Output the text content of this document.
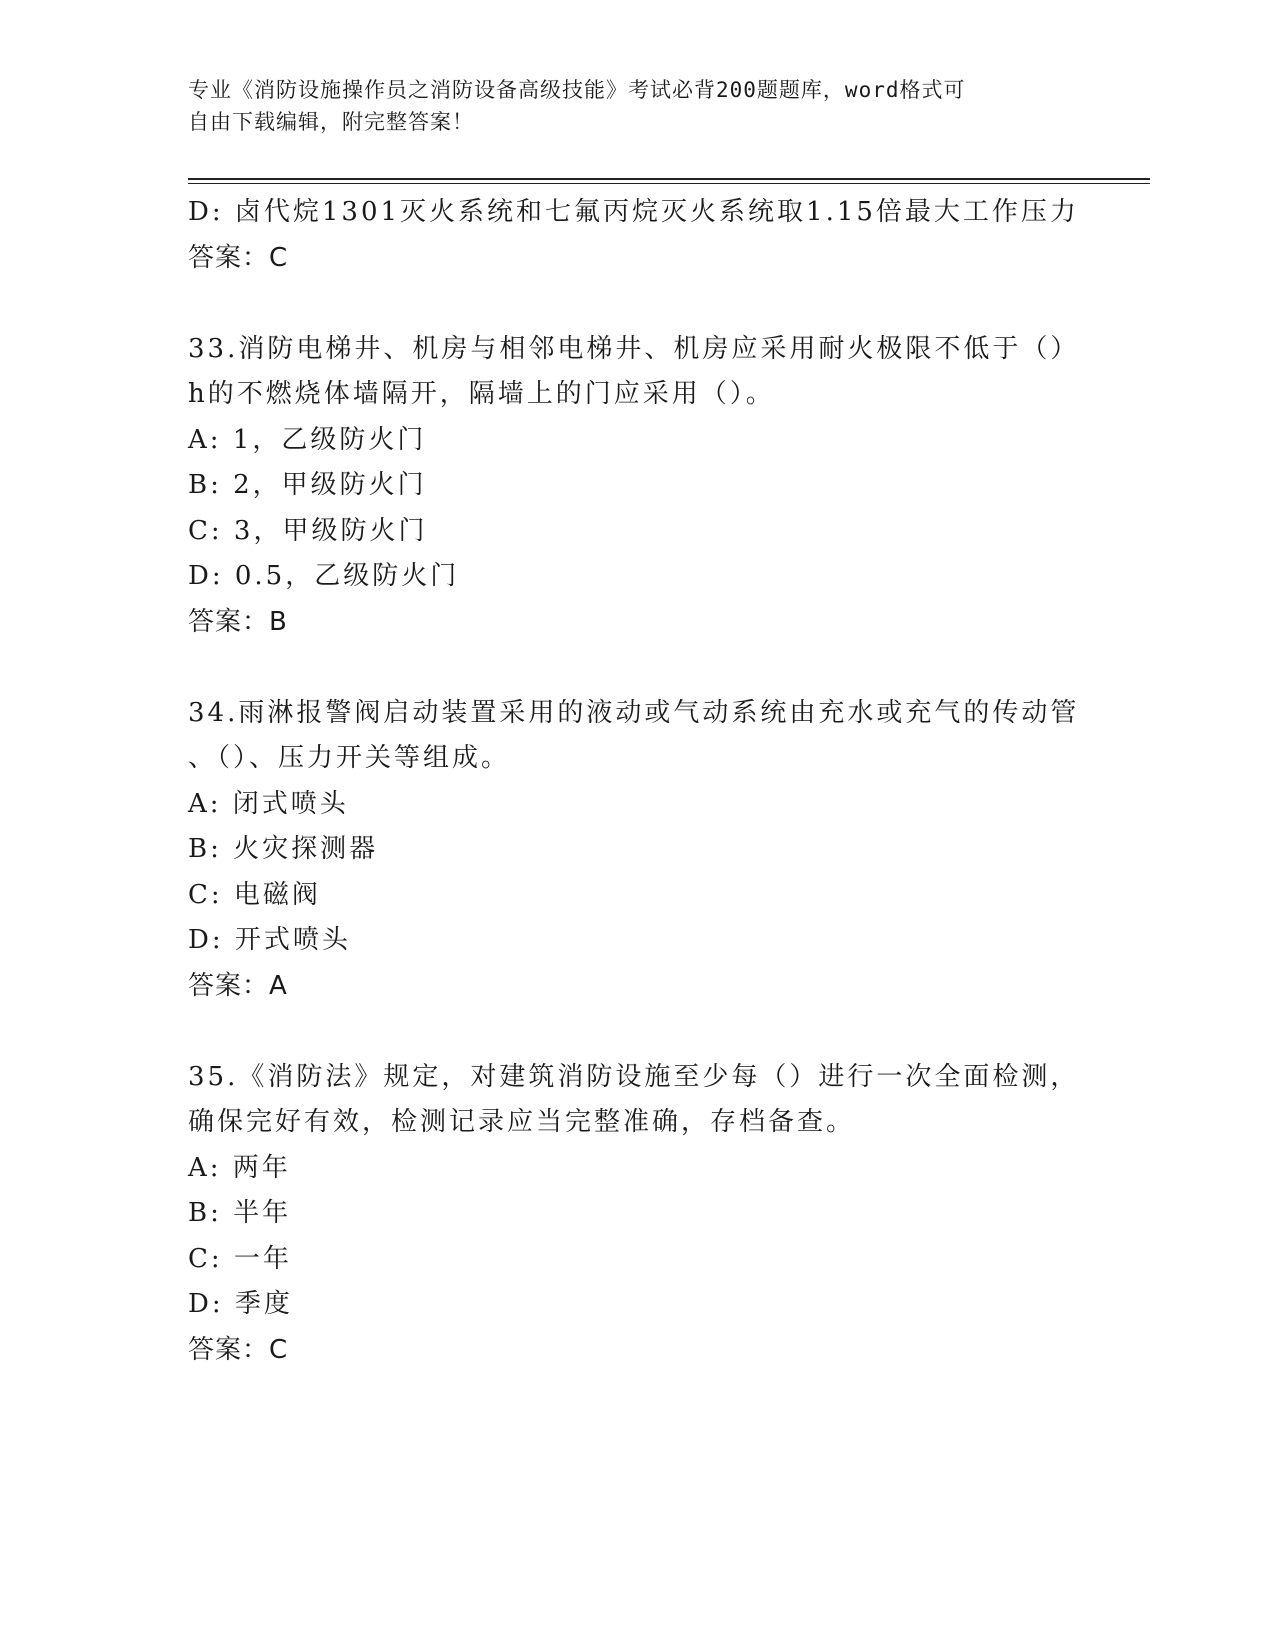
专业《消防设施操作员之消防设备高级技能》考试必背200题题库，word格式可
自由下载编辑，附完整答案！
D: 卤代烷1301灭火系统和七氟丙烷灭火系统取1.15倍最大工作压力
答案：C
33.消防电梯井、机房与相邻电梯井、机房应采用耐火极限不低于（）
h的不燃烧体墙隔开，隔墙上的门应采用（）。
A: 1，乙级防火门
B: 2，甲级防火门
C: 3，甲级防火门
D: 0.5，乙级防火门
答案：B
34.雨淋报警阀启动装置采用的液动或气动系统由充水或充气的传动管
、（）、压力开关等组成。
A: 闭式喷头
B: 火灾探测器
C: 电磁阀
D: 开式喷头
答案：A
35.《消防法》规定，对建筑消防设施至少每（）进行一次全面检测，
确保完好有效，检测记录应当完整准确，存档备查。
A: 两年
B: 半年
C: 一年
D: 季度
答案：C
